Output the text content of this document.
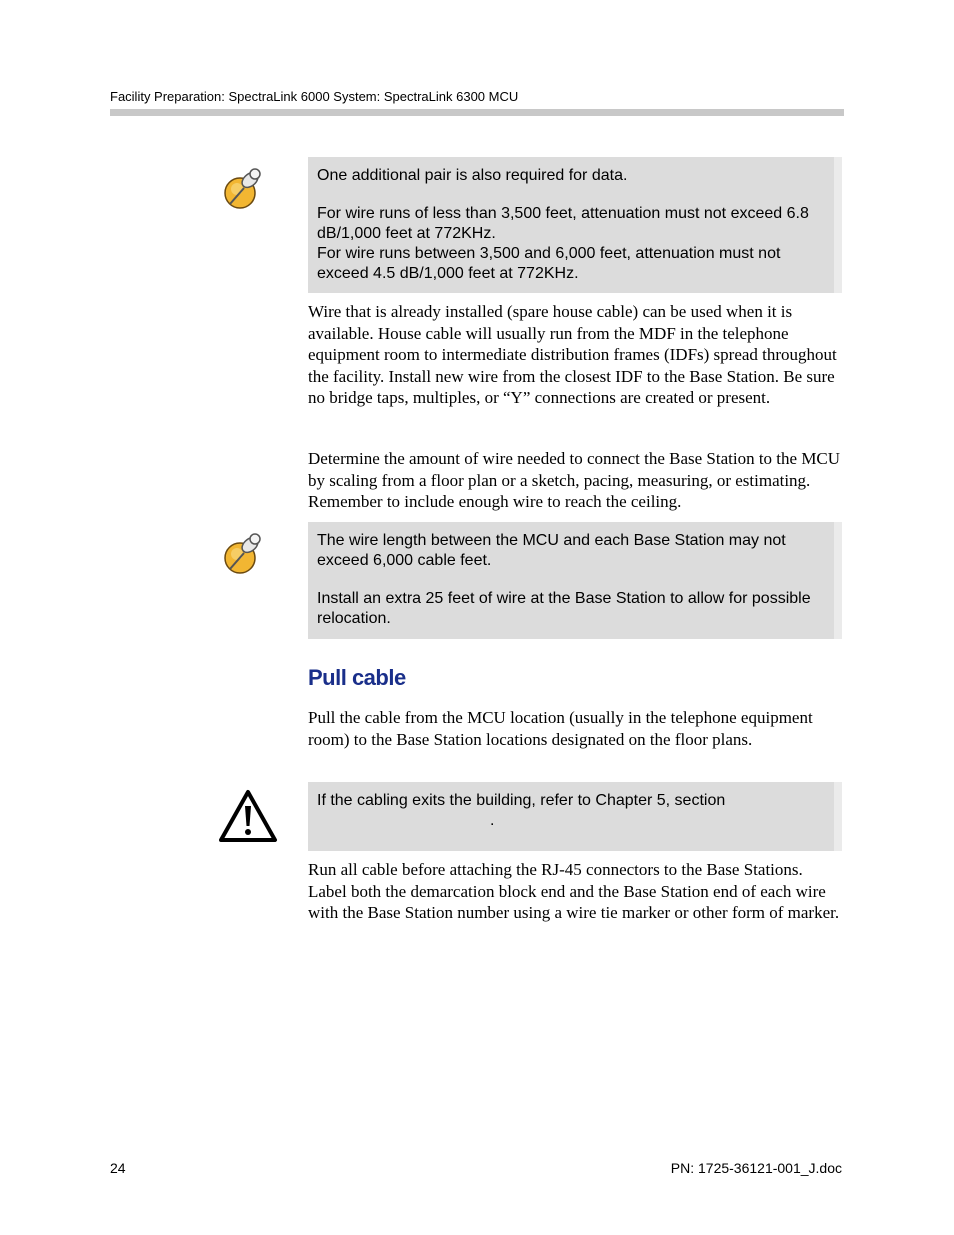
Facility Preparation: SpectraLink 6000 System: SpectraLink 6300 MCU

One additional pair is also required for data.

For wire runs of less than 3,500 feet, attenuation must not exceed 6.8 dB/1,000 feet at 772KHz.

For wire runs between 3,500 and 6,000 feet, attenuation must not exceed 4.5 dB/1,000 feet at 772KHz.

Wire that is already installed (spare house cable) can be used when it is available. House cable will usually run from the MDF in the telephone equipment room to intermediate distribution frames (IDFs) spread throughout the facility. Install new wire from the closest IDF to the Base Station. Be sure no bridge taps, multiples, or “Y” connections are created or present.

Determine the amount of wire needed to connect the Base Station to the MCU by scaling from a floor plan or a sketch, pacing, measuring, or estimating. Remember to include enough wire to reach the ceiling.

The wire length between the MCU and each Base Station may not exceed 6,000 cable feet.

Install an extra 25 feet of wire at the Base Station to allow for possible relocation.

Pull cable

Pull the cable from the MCU location (usually in the telephone equipment room) to the Base Station locations designated on the floor plans.

If the cabling exits the building, refer to Chapter 5, section

.

Run all cable before attaching the RJ-45 connectors to the Base Stations. Label both the demarcation block end and the Base Station end of each wire with the Base Station number using a wire tie marker or other form of marker.

24	PN: 1725-36121-001_J.doc
